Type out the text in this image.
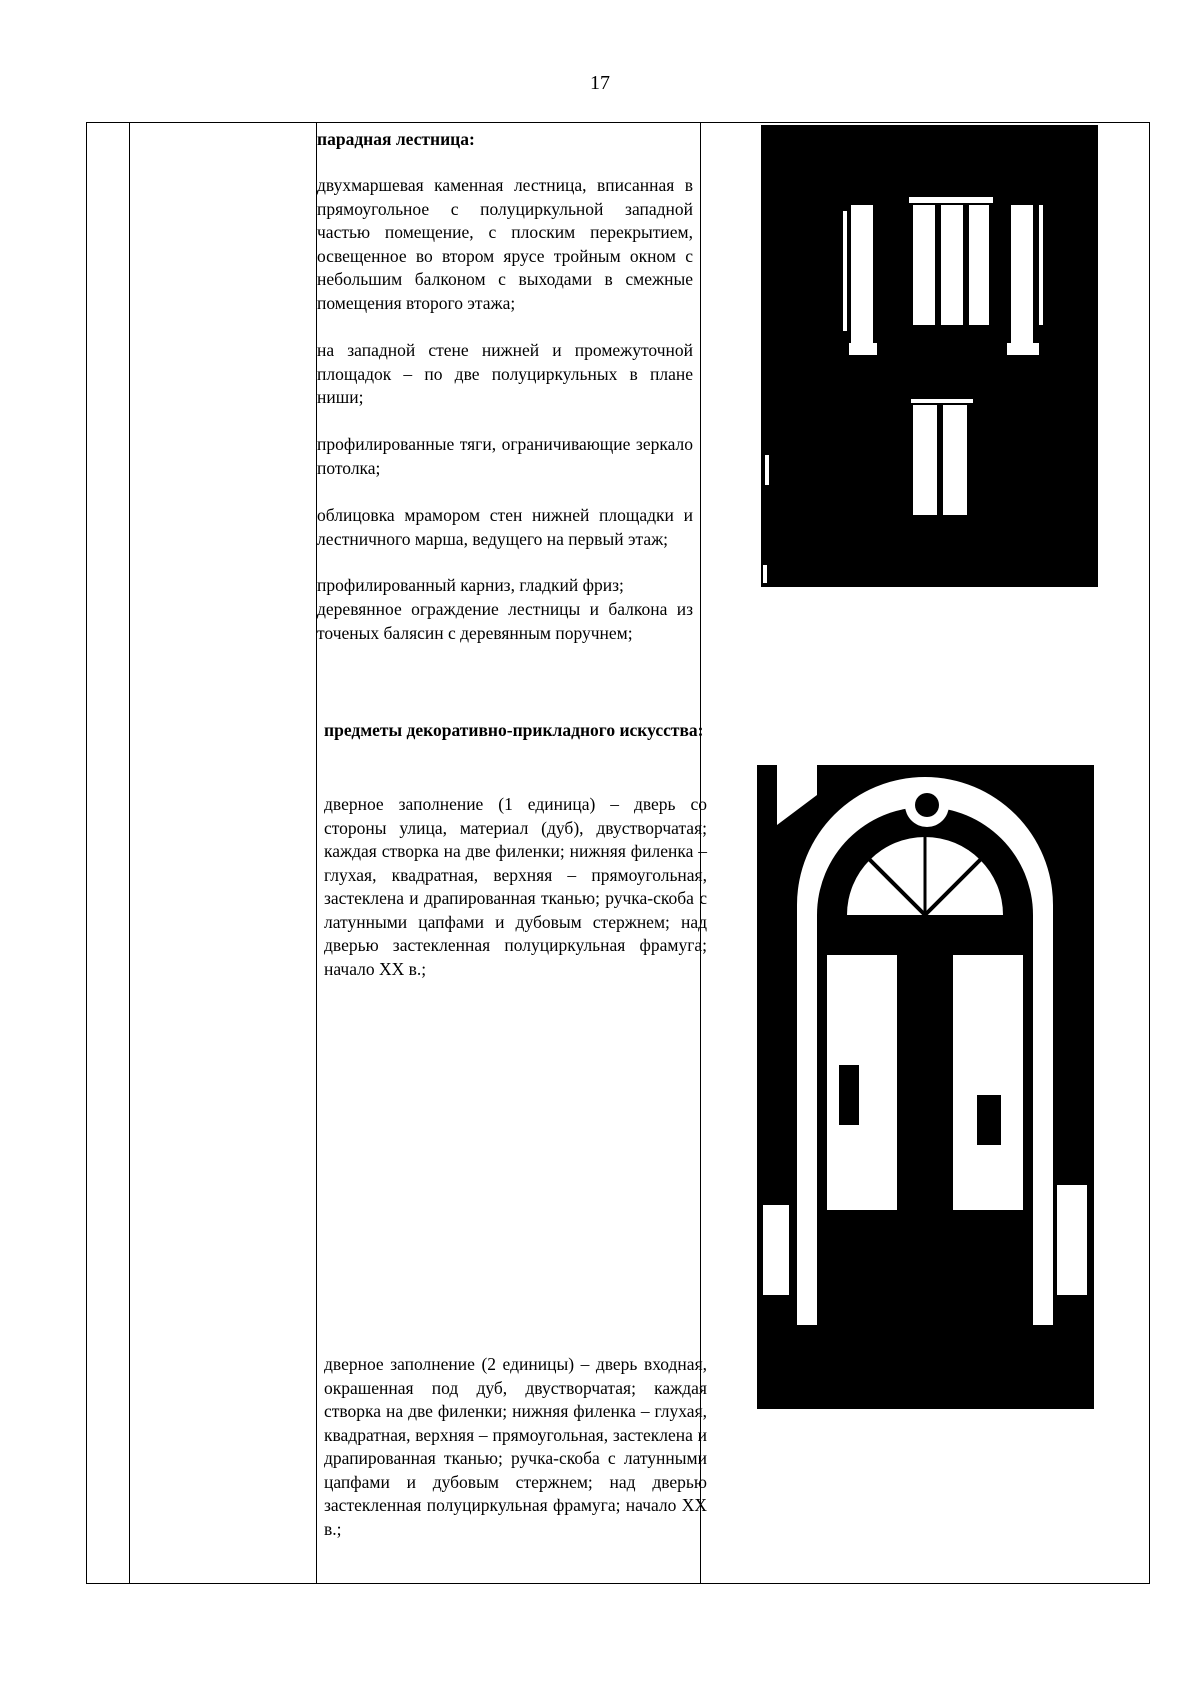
17
парадная лестница:
двухмаршевая каменная лестница, вписанная в прямоугольное с полуциркульной западной частью помещение, с плоским перекрытием, освещенное во втором ярусе тройным окном с небольшим балконом с выходами в смежные помещения второго этажа;
на западной стене нижней и промежуточной площадок – по две полуциркульных в плане ниши;
профилированные тяги, ограничивающие зеркало потолка;
облицовка мрамором стен нижней площадки и лестничного марша, ведущего на первый этаж;
профилированный карниз, гладкий фриз;
деревянное ограждение лестницы и балкона из точеных балясин с деревянным поручнем;
предметы декоративно-прикладного искусства:
дверное заполнение (1 единица) – дверь со стороны улица, материал (дуб), двустворчатая; каждая створка на две филенки; нижняя филенка – глухая, квадратная, верхняя – прямоугольная, застеклена и драпированная тканью; ручка-скоба с латунными цапфами и дубовым стержнем; над дверью застекленная полуциркульная фрамуга; начало XX в.;
дверное заполнение (2 единицы) – дверь входная, окрашенная под дуб, двустворчатая; каждая створка на две филенки; нижняя филенка – глухая, квадратная, верхняя – прямоугольная, застеклена и драпированная тканью; ручка-скоба с латунными цапфами и дубовым стержнем; над дверью застекленная полуциркульная фрамуга; начало XX в.;
